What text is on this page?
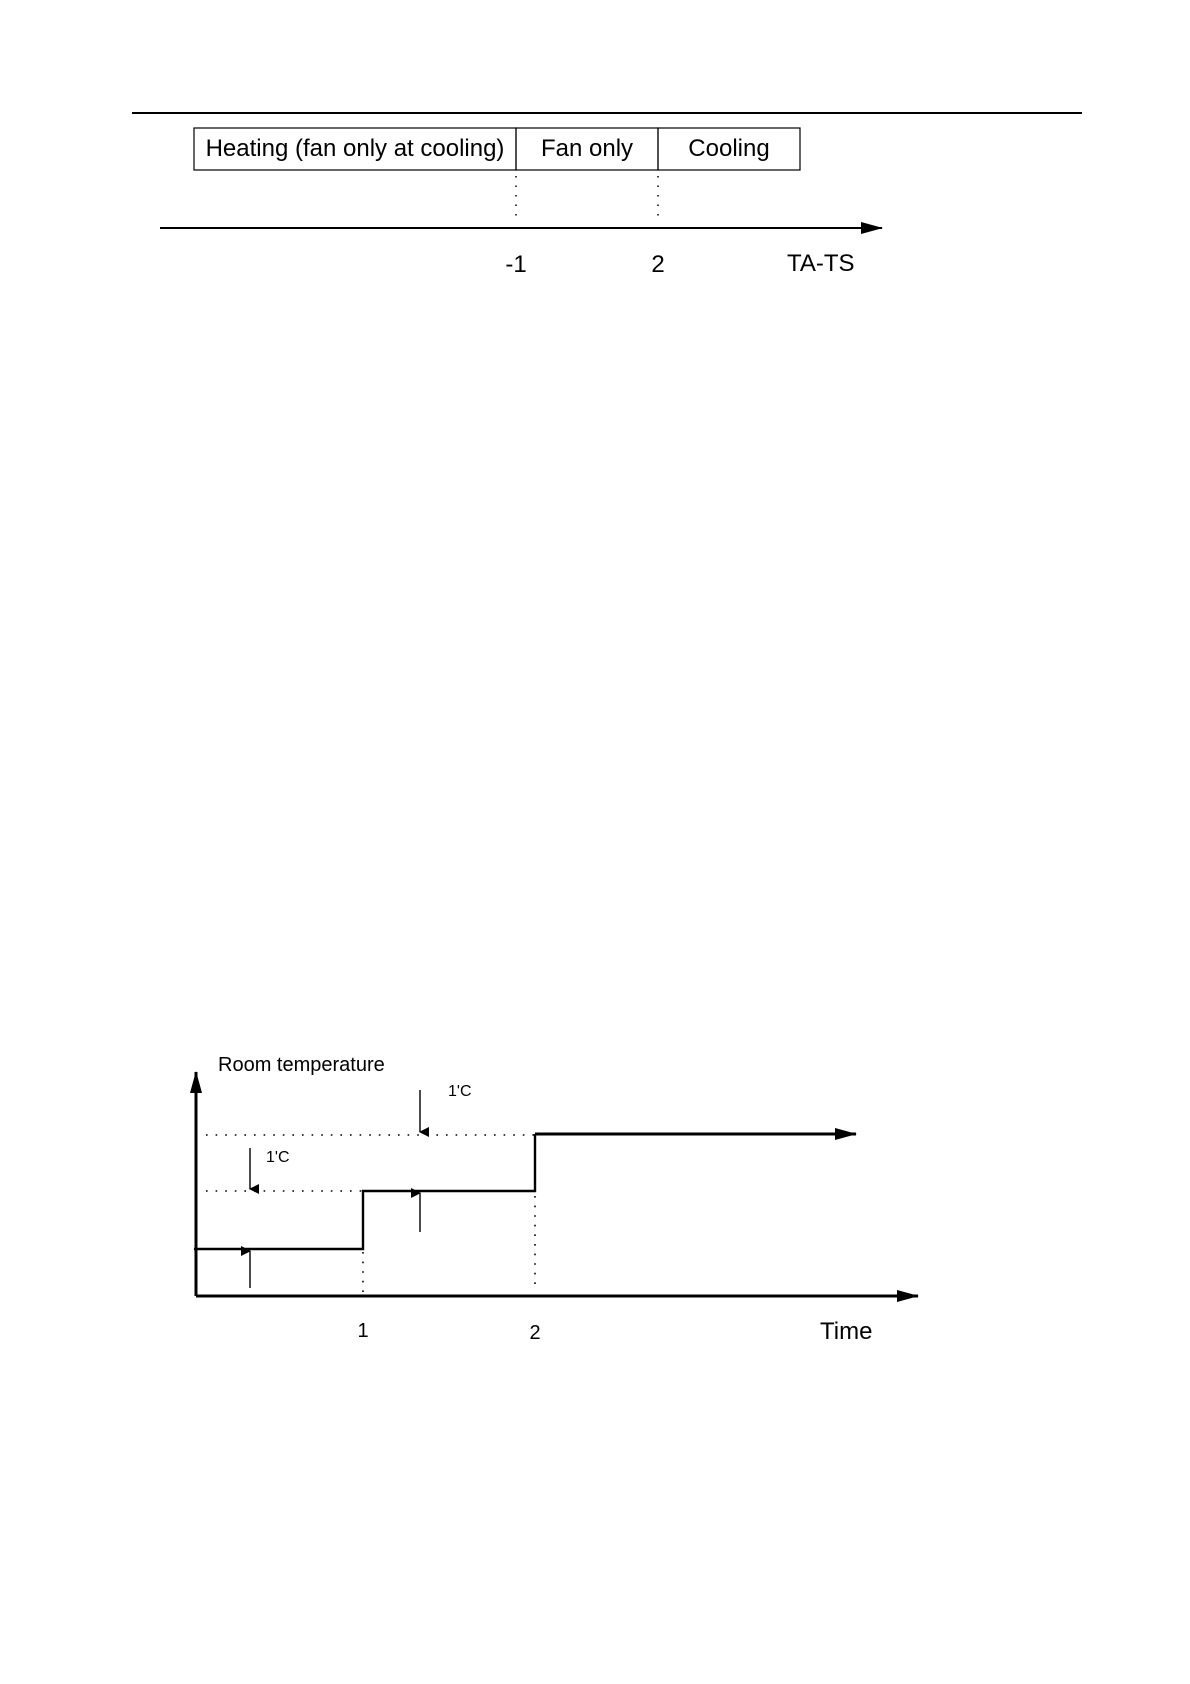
Heating (fan only at cooling) Fan only Cooling
-1	2	TA-TS
Room temperature
Time
1'C
1'C
1	2
